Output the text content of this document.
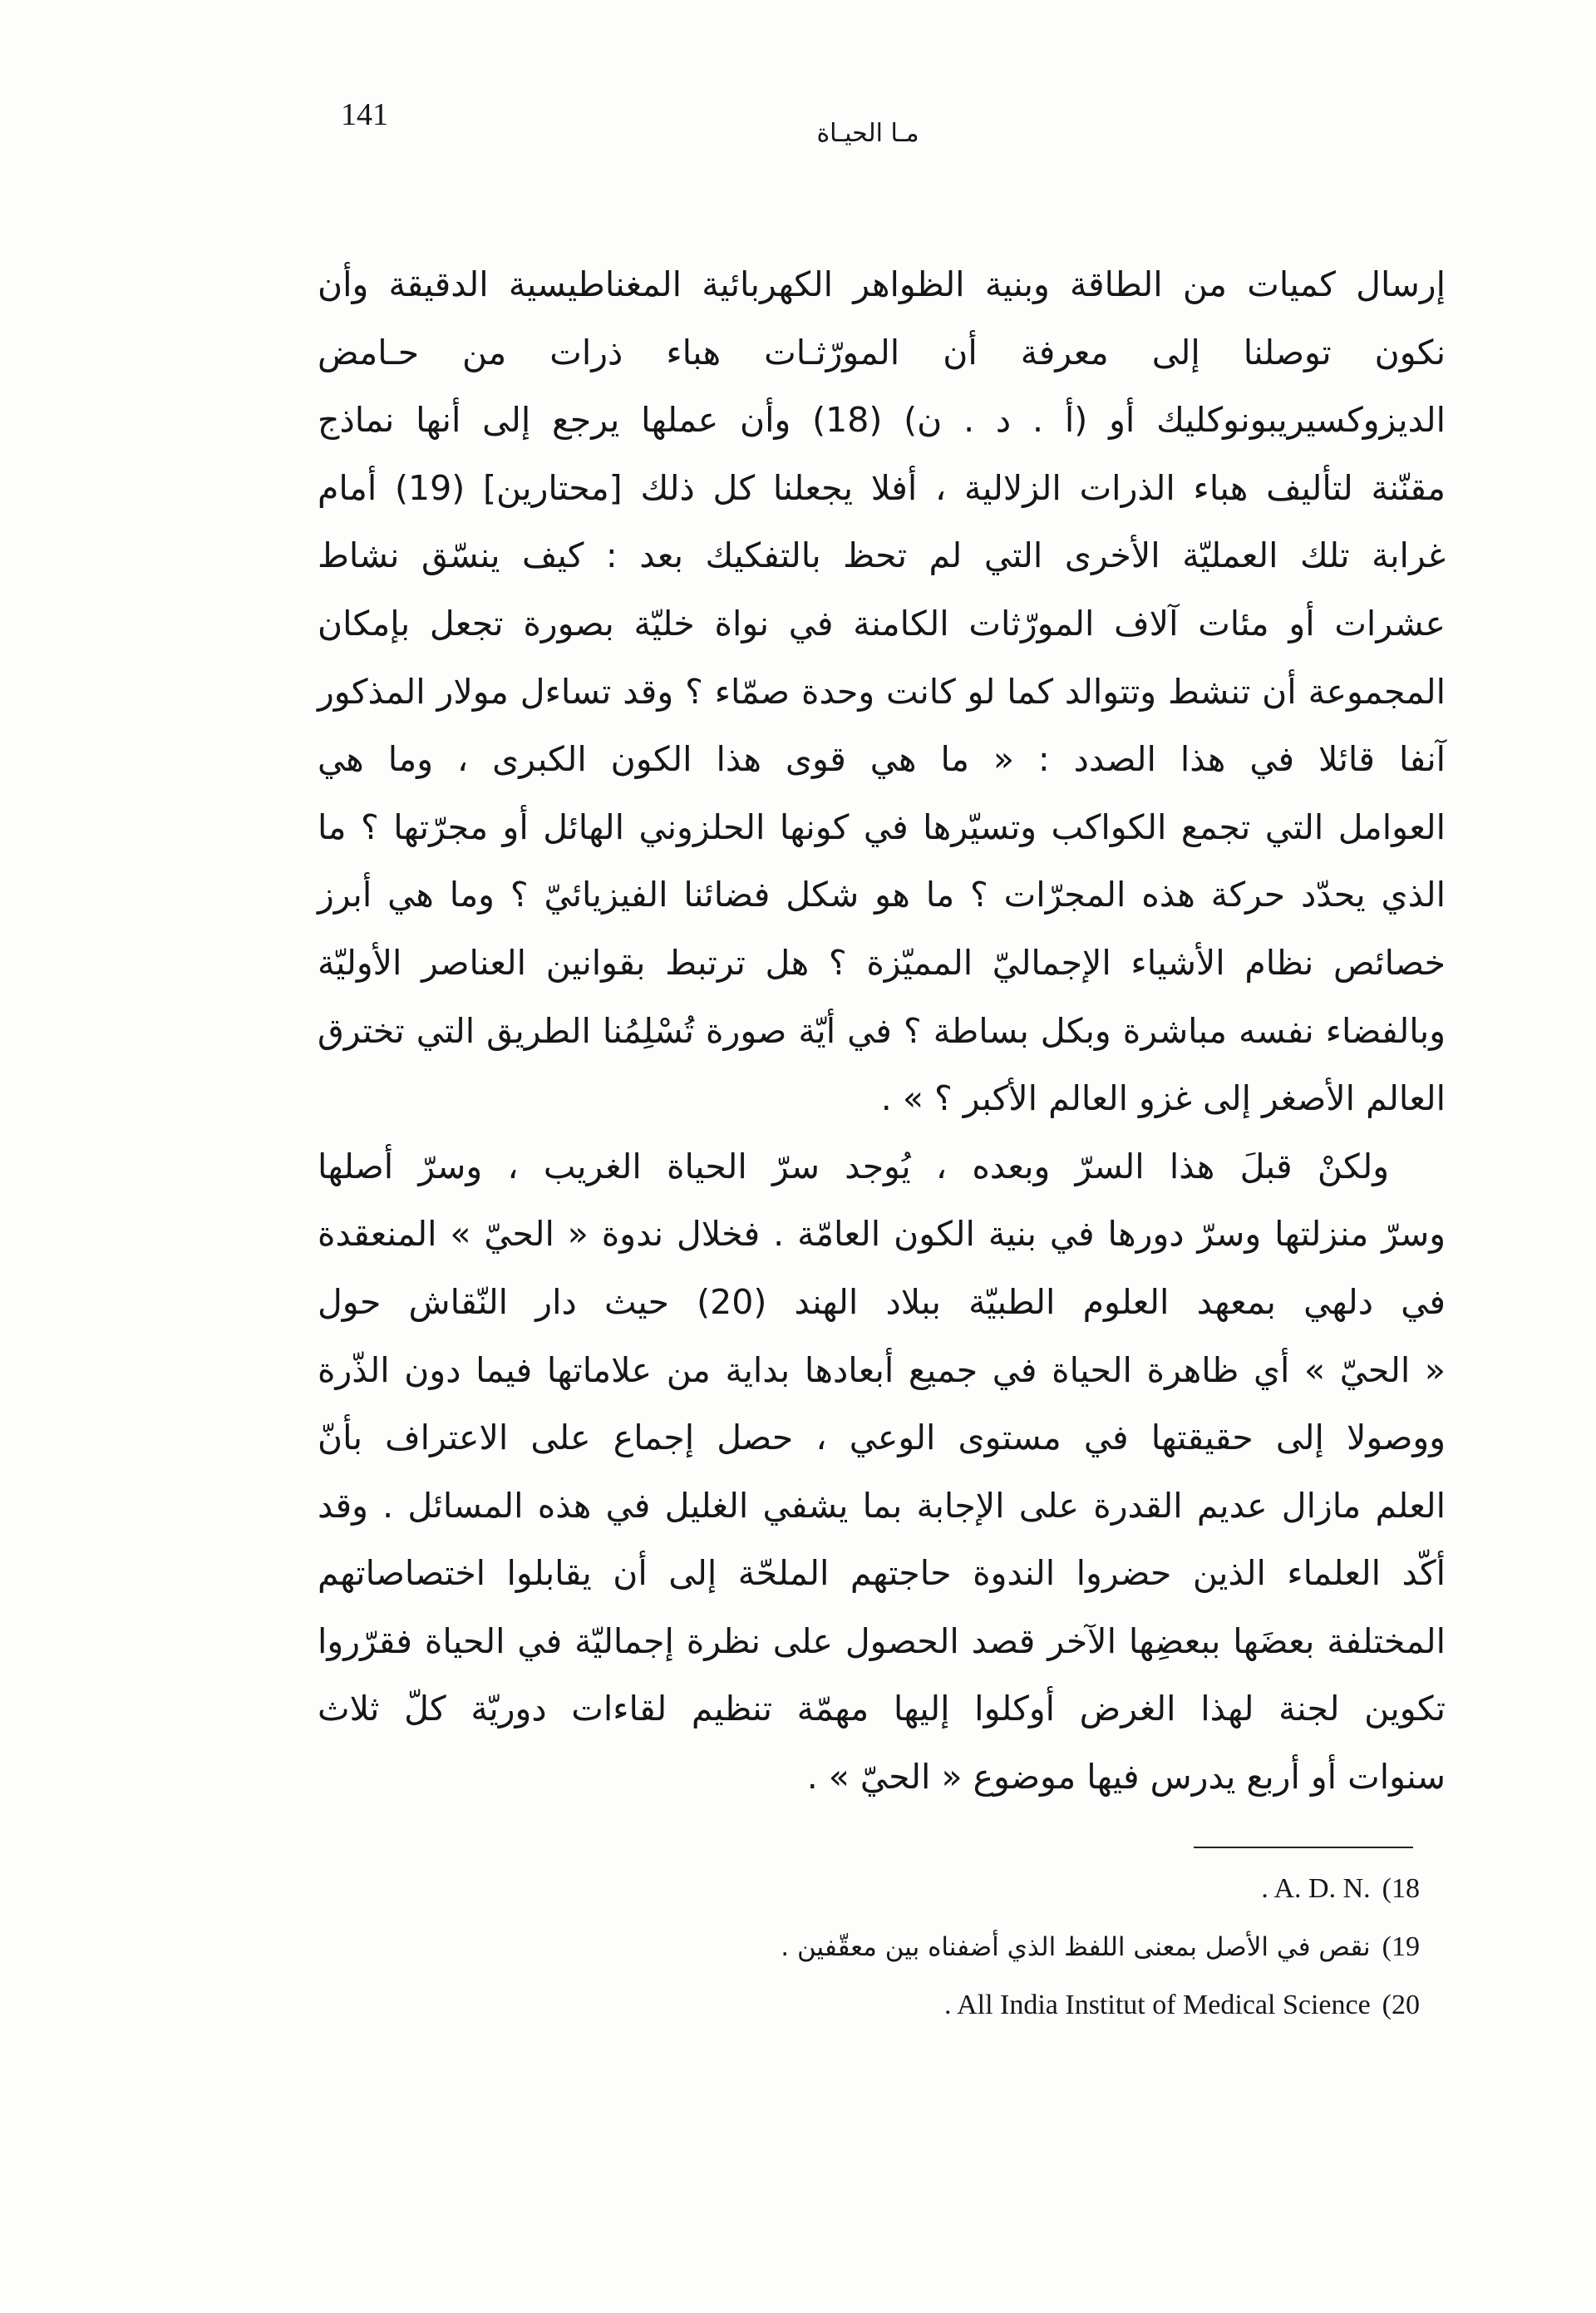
141
مـا الحيـاة
إرسال كميات من الطاقة وبنية الظواهر الكهربائية المغناطيسية الدقيقة وأن
نكون توصلنا إلى معرفة أن المورّثـات هباء ذرات من حـامض
الديزوكسيريبونوكليك أو (أ . د . ن) (18) وأن عملها يرجع إلى أنها نماذج
مقنّنة لتأليف هباء الذرات الزلالية ، أفلا يجعلنا كل ذلك [محتارين] (19) أمام
غرابة تلك العمليّة الأخرى التي لم تحظ بالتفكيك بعد : كيف ينسّق نشاط
عشرات أو مئات آلاف المورّثات الكامنة في نواة خليّة بصورة تجعل بإمكان
المجموعة أن تنشط وتتوالد كما لو كانت وحدة صمّاء ؟ وقد تساءل مولار المذكور
آنفا قائلا في هذا الصدد : « ما هي قوى هذا الكون الكبرى ، وما هي
العوامل التي تجمع الكواكب وتسيّرها في كونها الحلزوني الهائل أو مجرّتها ؟ ما
الذي يحدّد حركة هذه المجرّات ؟ ما هو شكل فضائنا الفيزيائيّ ؟ وما هي أبرز
خصائص نظام الأشياء الإجماليّ المميّزة ؟ هل ترتبط بقوانين العناصر الأوليّة
وبالفضاء نفسه مباشرة وبكل بساطة ؟ في أيّة صورة تُسْلِمُنا الطريق التي تخترق
العالم الأصغر إلى غزو العالم الأكبر ؟ » .
ولكنْ قبلَ هذا السرّ وبعده ، يُوجد سرّ الحياة الغريب ، وسرّ أصلها
وسرّ منزلتها وسرّ دورها في بنية الكون العامّة . فخلال ندوة « الحيّ » المنعقدة
في دلهي بمعهد العلوم الطبيّة ببلاد الهند (20) حيث دار النّقاش حول
« الحيّ » أي ظاهرة الحياة في جميع أبعادها بداية من علاماتها فيما دون الذّرة
ووصولا إلى حقيقتها في مستوى الوعي ، حصل إجماع على الاعتراف بأنّ
العلم مازال عديم القدرة على الإجابة بما يشفي الغليل في هذه المسائل . وقد
أكّد العلماء الذين حضروا الندوة حاجتهم الملحّة إلى أن يقابلوا اختصاصاتهم
المختلفة بعضَها ببعضِها الآخر قصد الحصول على نظرة إجماليّة في الحياة فقرّروا
تكوين لجنة لهذا الغرض أوكلوا إليها مهمّة تنظيم لقاءات دوريّة كلّ ثلاث
سنوات أو أربع يدرس فيها موضوع « الحيّ » .
(18
. A. D. N.
(19
نقص في الأصل بمعنى اللفظ الذي أضفناه بين معقّفين .
(20
. All India Institut of Medical Science
